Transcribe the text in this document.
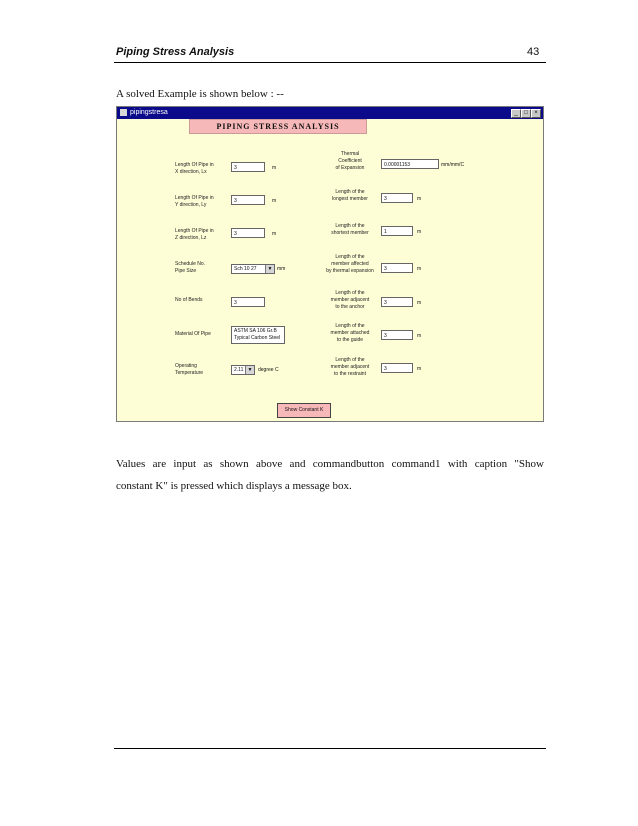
Piping Stress Analysis	43
A solved Example is shown below : --
pipingstresa	_	□	×
PIPING STRESS ANALYSIS
Length Of Pipe in
X direction, Lx
3	m
Length Of Pipe in
Y direction, Ly
3	m
Length Of Pipe in
Z direction, Lz
3	m
Schedule No.
Pipe Size	Sch 10 27	▼ mm
No of Bends	3
Material Of Pipe	ASTM SA 106 Gr.B
Typical Carbon Steel
Operating
Temperature	2.11 ▼	degree C
Thermal
Coefficient
of Expansion	0.00001153	mm/mm/C
Length of the
longest member	3	m
Length of the
shortest member	1	m
Length of the
member affected
by thermal expansion	3	m
Length of the
member adjacent
to the anchor
3	m
Length of the
member attached
to the guide
3	m
Length of the
member adjacent
to the restraint
3	m
Show Constant K
Values are input as shown above and commandbutton command1 with caption "Show
constant K" is pressed which displays a message box.
